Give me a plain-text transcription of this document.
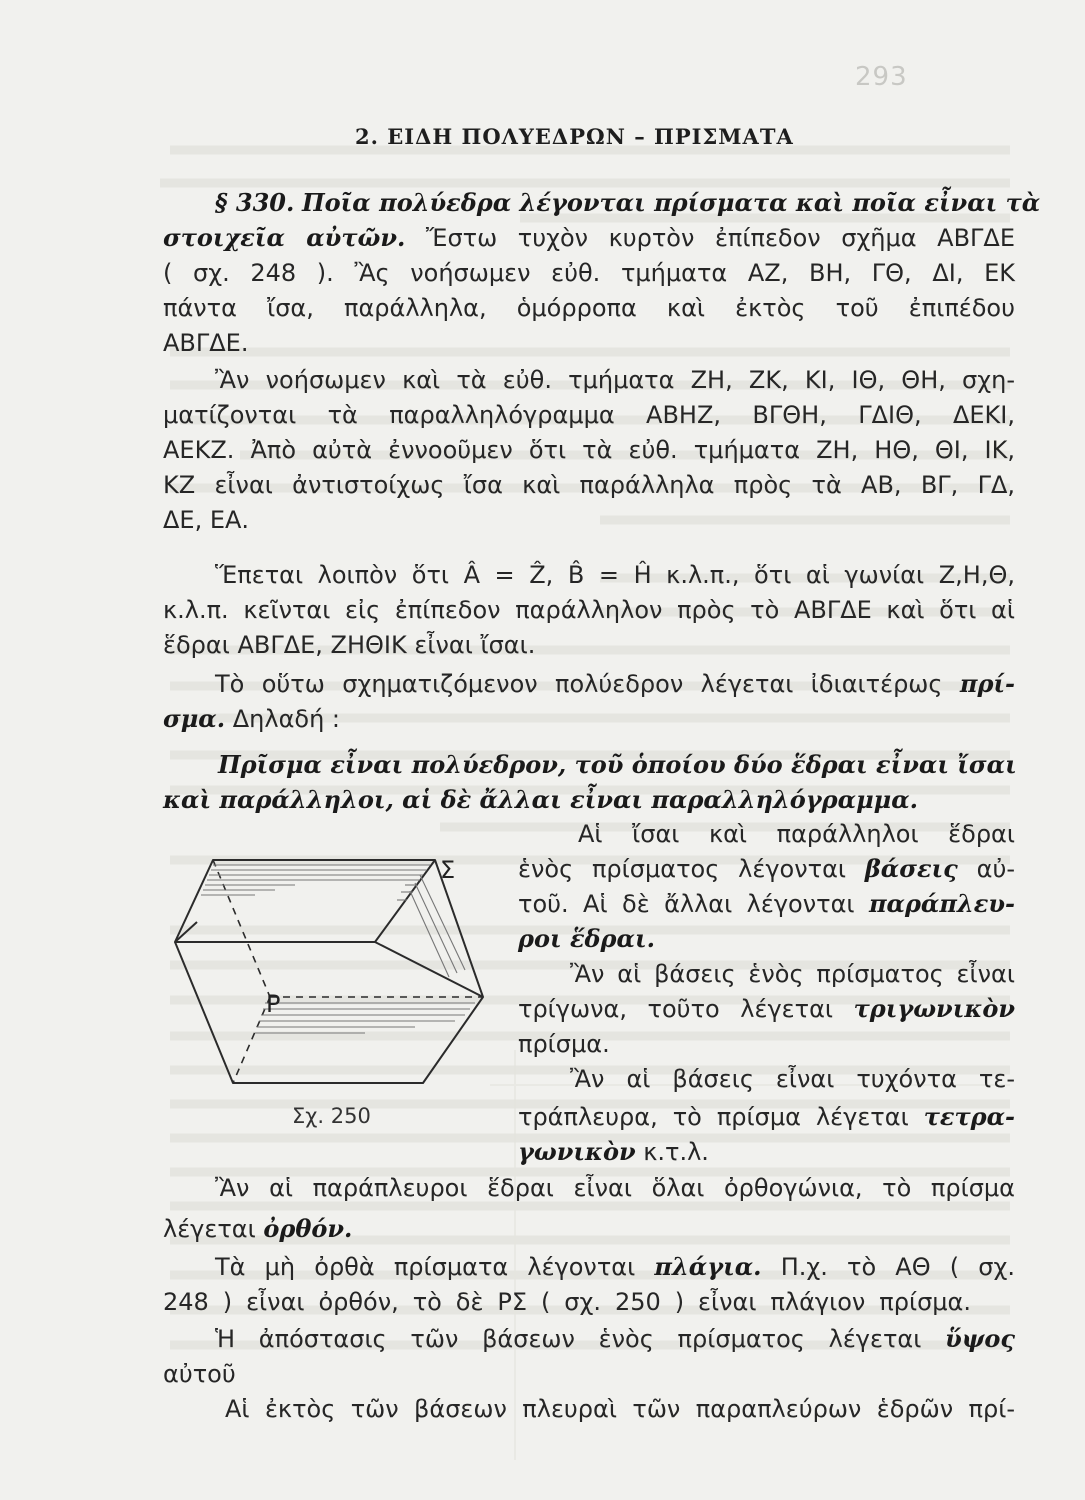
293
2. ΕΙΔΗ ΠΟΛΥΕΔΡΩΝ – ΠΡΙΣΜΑΤΑ

§ 330. Ποῖα πολύεδρα λέγονται πρίσματα καὶ ποῖα εἶναι τὰ

στοιχεῖα αὐτῶν. Ἔστω τυχὸν κυρτὸν ἐπίπεδον σχῆμα ΑΒΓΔΕ

( σχ. 248 ). Ἂς νοήσωμεν εὐθ. τμήματα ΑΖ, ΒΗ, ΓΘ, ΔΙ, ΕΚ

πάντα ἴσα, παράλληλα, ὁμόρροπα καὶ ἐκτὸς τοῦ ἐπιπέδου

ΑΒΓΔΕ.

Ἂν νοήσωμεν καὶ τὰ εὐθ. τμήματα ΖΗ, ΖΚ, ΚΙ, ΙΘ, ΘΗ, σχη-

ματίζονται τὰ παραλληλόγραμμα ΑΒΗΖ, ΒΓΘΗ, ΓΔΙΘ, ΔΕΚΙ,

ΑΕΚΖ. Ἀπὸ αὐτὰ ἐννοοῦμεν ὅτι τὰ εὐθ. τμήματα ΖΗ, ΗΘ, ΘΙ, ΙΚ,

ΚΖ εἶναι ἀντιστοίχως ἴσα καὶ παράλληλα πρὸς τὰ ΑΒ, ΒΓ, ΓΔ,

ΔΕ, ΕΑ.

Ἕπεται λοιπὸν ὅτι Â = Ẑ, B̂ = Ĥ κ.λ.π., ὅτι αἱ γωνίαι Ζ,Η,Θ,

κ.λ.π. κεῖνται εἰς ἐπίπεδον παράλληλον πρὸς τὸ ΑΒΓΔΕ καὶ ὅτι αἱ

ἕδραι ΑΒΓΔΕ, ΖΗΘΙΚ εἶναι ἴσαι.

Τὸ οὕτω σχηματιζόμενον πολύεδρον λέγεται ἰδιαιτέρως πρί-

σμα. Δηλαδή :

Πρῖσμα εἶναι πολύεδρον, τοῦ ὁποίου δύο ἕδραι εἶναι ἴσαι

καὶ παράλληλοι, αἱ δὲ ἄλλαι εἶναι παραλληλόγραμμα.

Αἱ ἴσαι καὶ παράλληλοι ἕδραι

ἑνὸς πρίσματος λέγονται βάσεις αὐ-

τοῦ. Αἱ δὲ ἄλλαι λέγονται παράπλευ-

ροι ἕδραι.

Ἂν αἱ βάσεις ἑνὸς πρίσματος εἶναι

τρίγωνα, τοῦτο λέγεται τριγωνικὸν

πρίσμα.

Ἂν αἱ βάσεις εἶναι τυχόντα τε-

τράπλευρα, τὸ πρίσμα λέγεται τετρα-

γωνικὸν κ.τ.λ.

Σ
Ρ
Σχ. 250

Ἂν αἱ παράπλευροι ἕδραι εἶναι ὅλαι ὀρθογώνια, τὸ πρίσμα

λέγεται ὀρθόν.

Τὰ μὴ ὀρθὰ πρίσματα λέγονται πλάγια. Π.χ. τὸ ΑΘ ( σχ.

248 ) εἶναι ὀρθόν, τὸ δὲ ΡΣ ( σχ. 250 ) εἶναι πλάγιον πρίσμα.

Ἡ ἀπόστασις τῶν βάσεων ἑνὸς πρίσματος λέγεται ὕψος

αὐτοῦ

Αἱ ἐκτὸς τῶν βάσεων πλευραὶ τῶν παραπλεύρων ἑδρῶν πρί-
